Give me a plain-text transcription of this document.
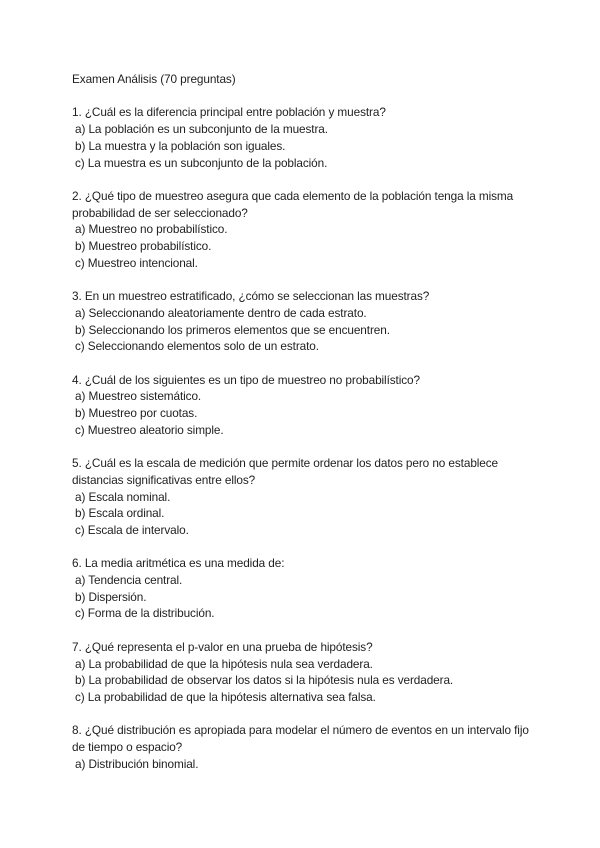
Examen Análisis (70 preguntas)
1. ¿Cuál es la diferencia principal entre población y muestra?
a) La población es un subconjunto de la muestra.
b) La muestra y la población son iguales.
c) La muestra es un subconjunto de la población.
2. ¿Qué tipo de muestreo asegura que cada elemento de la población tenga la misma probabilidad de ser seleccionado?
a) Muestreo no probabilístico.
b) Muestreo probabilístico.
c) Muestreo intencional.
3. En un muestreo estratificado, ¿cómo se seleccionan las muestras?
a) Seleccionando aleatoriamente dentro de cada estrato.
b) Seleccionando los primeros elementos que se encuentren.
c) Seleccionando elementos solo de un estrato.
4. ¿Cuál de los siguientes es un tipo de muestreo no probabilístico?
a) Muestreo sistemático.
b) Muestreo por cuotas.
c) Muestreo aleatorio simple.
5. ¿Cuál es la escala de medición que permite ordenar los datos pero no establece distancias significativas entre ellos?
a) Escala nominal.
b) Escala ordinal.
c) Escala de intervalo.
6. La media aritmética es una medida de:
a) Tendencia central.
b) Dispersión.
c) Forma de la distribución.
7. ¿Qué representa el p-valor en una prueba de hipótesis?
a) La probabilidad de que la hipótesis nula sea verdadera.
b) La probabilidad de observar los datos si la hipótesis nula es verdadera.
c) La probabilidad de que la hipótesis alternativa sea falsa.
8. ¿Qué distribución es apropiada para modelar el número de eventos en un intervalo fijo de tiempo o espacio?
a) Distribución binomial.
